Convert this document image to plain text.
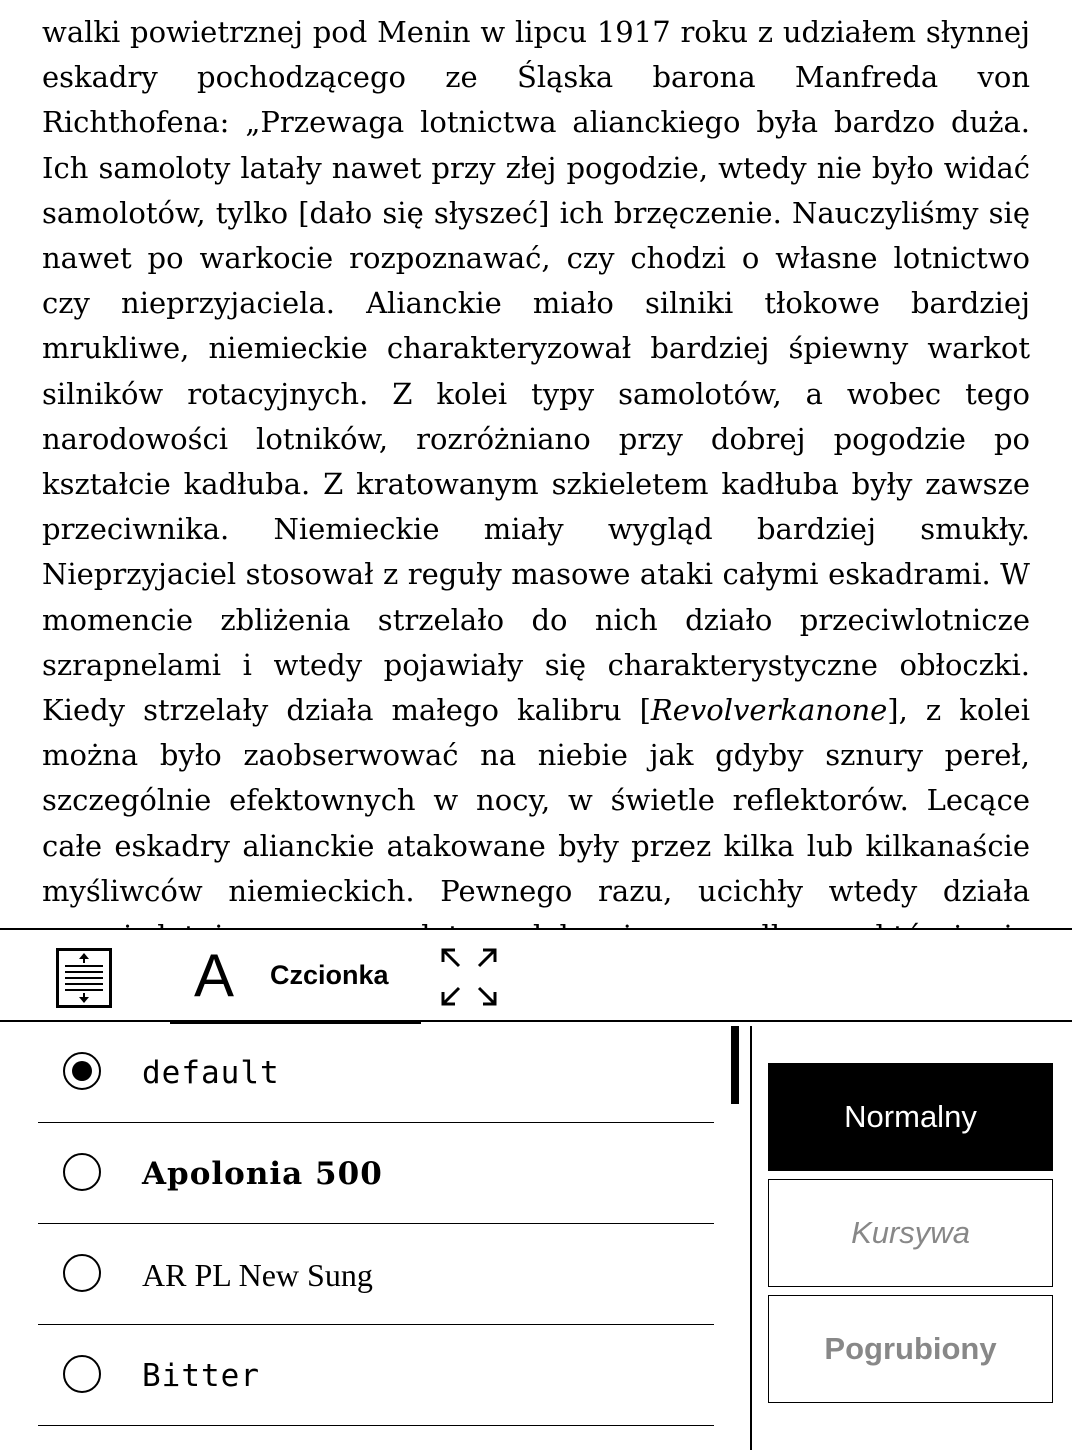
walki powietrznej pod Menin w lipcu 1917 roku z udziałem słynnej eskadry pochodzącego ze Śląska barona Manfreda von Richthofena: „Przewaga lotnictwa alianckiego była bardzo duża. Ich samoloty latały nawet przy złej pogodzie, wtedy nie było widać samolotów, tylko [dało się słyszeć] ich brzęczenie. Nauczyliśmy się nawet po warkocie rozpoznawać, czy chodzi o własne lotnictwo czy nieprzyjaciela. Alianckie miało silniki tłokowe bardziej mrukliwe, niemieckie charakteryzował bardziej śpiewny warkot silników rotacyjnych. Z kolei typy samolotów, a wobec tego narodowości lotników, rozróżniano przy dobrej pogodzie po kształcie kadłuba. Z kratowanym szkieletem kadłuba były zawsze przeciwnika. Niemieckie miały wygląd bardziej smukły. Nieprzyjaciel stosował z reguły masowe ataki całymi eskadrami. W momencie zbliżenia strzelało do nich działo przeciwlotnicze szrapnelami i wtedy pojawiały się charakterystyczne obłoczki. Kiedy strzelały działa małego kalibru [Revolverkanone], z kolei można było zaobserwować na niebie jak gdyby sznury pereł, szczególnie efektownych w nocy, w świetle reflektorów. Lecące całe eskadry alianckie atakowane były przez kilka lub kilkanaście myśliwców niemieckich. Pewnego razu, ucichły wtedy działa

A Czcionka
default
Apolonia 500
AR PL New Sung
Bitter
Normalny
Kursywa
Pogrubiony
